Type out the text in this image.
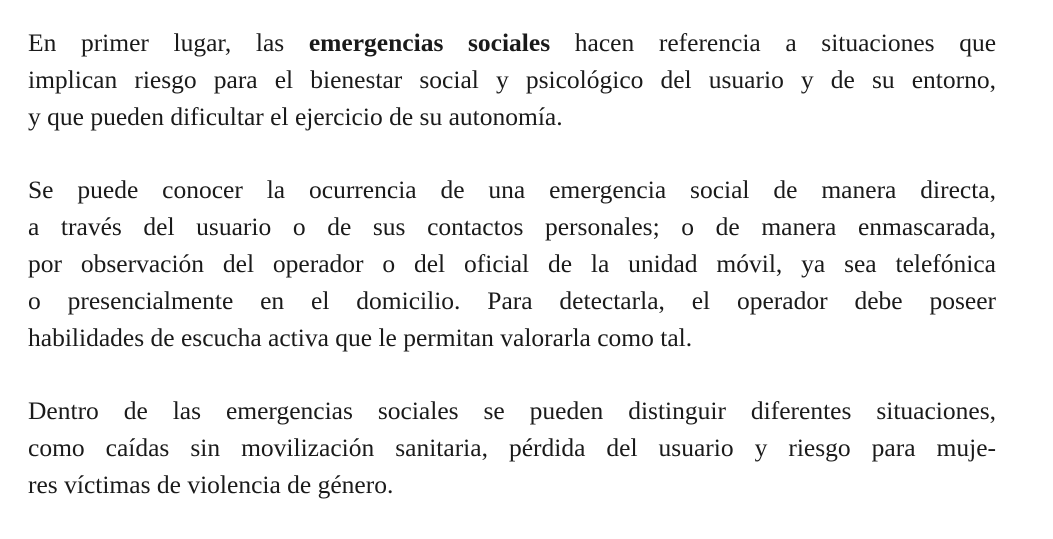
En primer lugar, las emergencias sociales hacen referencia a situaciones que
implican riesgo para el bienestar social y psicológico del usuario y de su entorno,
y que pueden dificultar el ejercicio de su autonomía.
Se puede conocer la ocurrencia de una emergencia social de manera directa,
a través del usuario o de sus contactos personales; o de manera enmascarada,
por observación del operador o del oficial de la unidad móvil, ya sea telefónica
o presencialmente en el domicilio. Para detectarla, el operador debe poseer
habilidades de escucha activa que le permitan valorarla como tal.
Dentro de las emergencias sociales se pueden distinguir diferentes situaciones,
como caídas sin movilización sanitaria, pérdida del usuario y riesgo para muje-
res víctimas de violencia de género.
